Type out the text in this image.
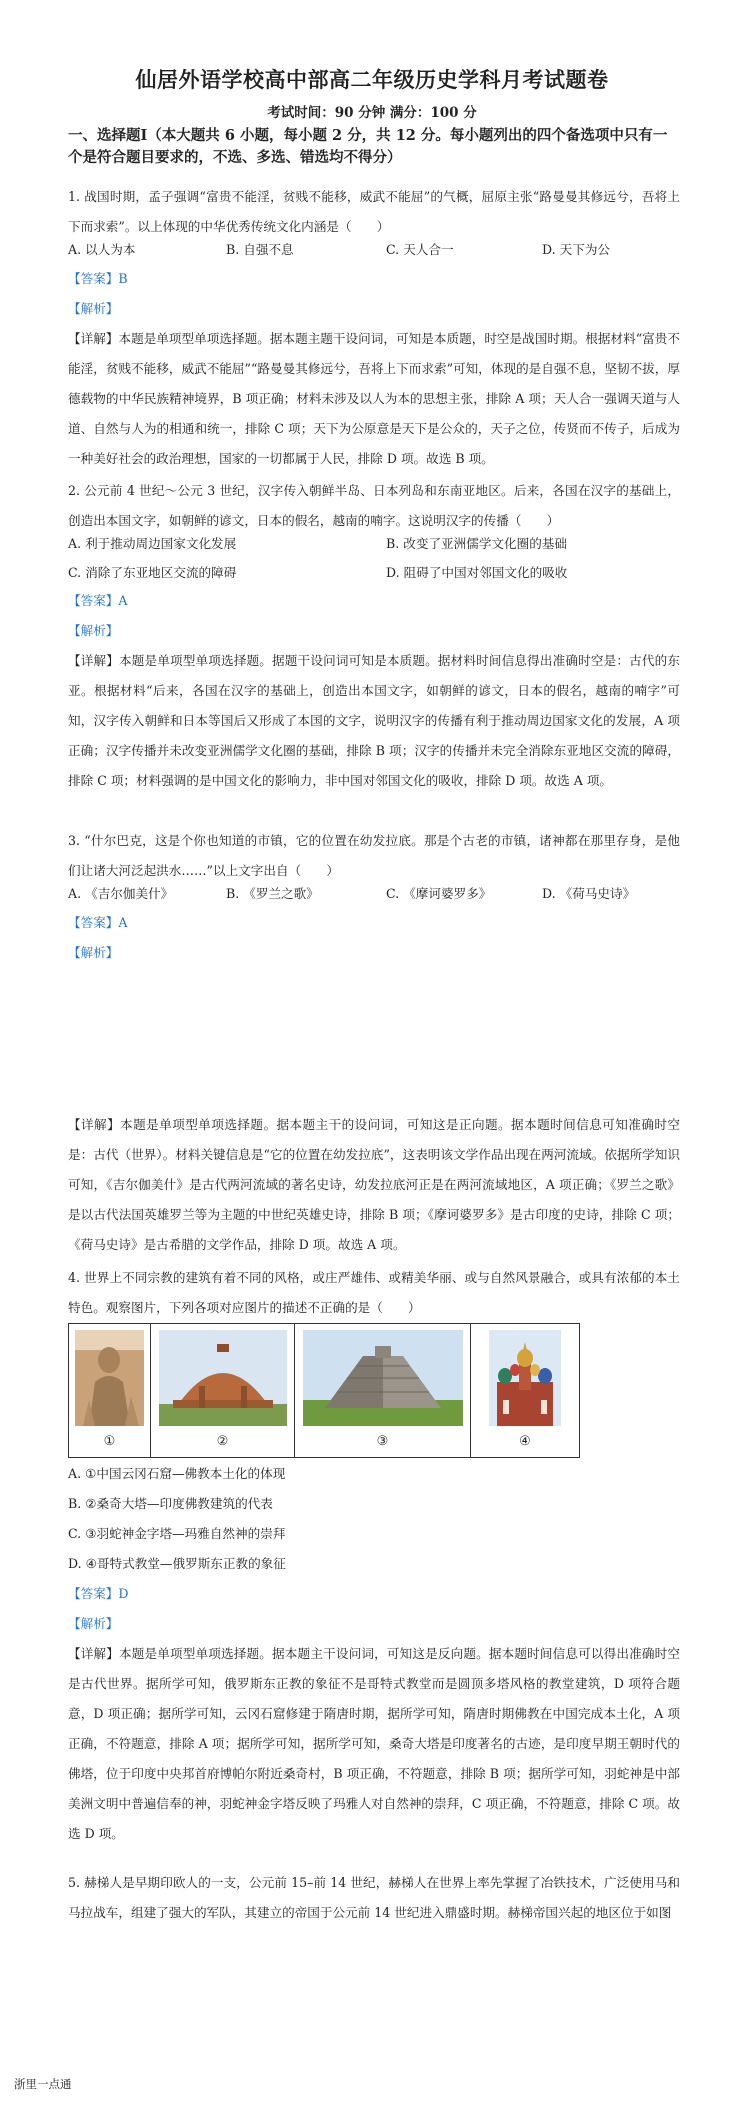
仙居外语学校高中部高二年级历史学科月考试题卷
考试时间：90 分钟 满分：100 分
一、选择题Ⅰ（本大题共 6 小题，每小题 2 分，共 12 分。每小题列出的四个备选项中只有一个是符合题目要求的，不选、多选、错选均不得分）
1. 战国时期，孟子强调“富贵不能淫，贫贱不能移，威武不能屈”的气概，屈原主张“路曼曼其修远兮，吾将上下而求索”。以上体现的中华优秀传统文化内涵是（　　）
A. 以人为本	B. 自强不息	C. 天人合一	D. 天下为公
【答案】B
【解析】
【详解】本题是单项型单项选择题。据本题主题干设问词，可知是本质题，时空是战国时期。根据材料“富贵不能淫，贫贱不能移，威武不能屈”“路曼曼其修远兮，吾将上下而求索”可知，体现的是自强不息，坚韧不拔，厚德载物的中华民族精神境界，B 项正确；材料未涉及以人为本的思想主张，排除 A 项；天人合一强调天道与人道、自然与人为的相通和统一，排除 C 项；天下为公原意是天下是公众的，天子之位，传贤而不传子，后成为一种美好社会的政治理想，国家的一切都属于人民，排除 D 项。故选 B 项。
2. 公元前 4 世纪～公元 3 世纪，汉字传入朝鲜半岛、日本列岛和东南亚地区。后来，各国在汉字的基础上，创造出本国文字，如朝鲜的谚文，日本的假名，越南的喃字。这说明汉字的传播（　　）
A. 利于推动周边国家文化发展	B. 改变了亚洲儒学文化圈的基础
C. 消除了东亚地区交流的障碍	D. 阻碍了中国对邻国文化的吸收
【答案】A
【解析】
【详解】本题是单项型单项选择题。据题干设问词可知是本质题。据材料时间信息得出准确时空是：古代的东亚。根据材料“后来，各国在汉字的基础上，创造出本国文字，如朝鲜的谚文，日本的假名，越南的喃字”可知，汉字传入朝鲜和日本等国后又形成了本国的文字，说明汉字的传播有利于推动周边国家文化的发展，A 项正确；汉字传播并未改变亚洲儒学文化圈的基础，排除 B 项；汉字的传播并未完全消除东亚地区交流的障碍，排除 C 项；材料强调的是中国文化的影响力，非中国对邻国文化的吸收，排除 D 项。故选 A 项。
3. “什尔巴克，这是个你也知道的市镇，它的位置在幼发拉底。那是个古老的市镇，诸神都在那里存身，是他们让诸大河泛起洪水……”以上文字出自（　　）
A. 《吉尔伽美什》	B. 《罗兰之歌》	C. 《摩诃婆罗多》	D. 《荷马史诗》
【答案】A
【解析】
【详解】本题是单项型单项选择题。据本题主干的设问词，可知这是正向题。据本题时间信息可知准确时空是：古代（世界）。材料关键信息是“它的位置在幼发拉底”，这表明该文学作品出现在两河流域。依据所学知识可知，《吉尔伽美什》是古代两河流域的著名史诗，幼发拉底河正是在两河流域地区，A 项正确；《罗兰之歌》是以古代法国英雄罗兰等为主题的中世纪英雄史诗，排除 B 项；《摩诃婆罗多》是古印度的史诗，排除 C 项；《荷马史诗》是古希腊的文学作品，排除 D 项。故选 A 项。
4. 世界上不同宗教的建筑有着不同的风格，或庄严雄伟、或精美华丽、或与自然风景融合，或具有浓郁的本土特色。观察图片，下列各项对应图片的描述不正确的是（　　）
①	②	③	④
A. ①中国云冈石窟—佛教本土化的体现
B. ②桑奇大塔—印度佛教建筑的代表
C. ③羽蛇神金字塔—玛雅自然神的崇拜
D. ④哥特式教堂—俄罗斯东正教的象征
【答案】D
【解析】
【详解】本题是单项型单项选择题。据本题主干设问词，可知这是反向题。据本题时间信息可以得出准确时空是古代世界。据所学可知，俄罗斯东正教的象征不是哥特式教堂而是圆顶多塔风格的教堂建筑，D 项符合题意，D 项正确；据所学可知，云冈石窟修建于隋唐时期，据所学可知，隋唐时期佛教在中国完成本土化，A 项正确，不符题意，排除 A 项；据所学可知，据所学可知，桑奇大塔是印度著名的古迹，是印度早期王朝时代的佛塔，位于印度中央邦首府博帕尔附近桑奇村，B 项正确，不符题意，排除 B 项；据所学可知，羽蛇神是中部美洲文明中普遍信奉的神，羽蛇神金字塔反映了玛雅人对自然神的崇拜，C 项正确，不符题意，排除 C 项。故选 D 项。
5. 赫梯人是早期印欧人的一支，公元前 15–前 14 世纪，赫梯人在世界上率先掌握了冶铁技术，广泛使用马和马拉战车，组建了强大的军队，其建立的帝国于公元前 14 世纪进入鼎盛时期。赫梯帝国兴起的地区位于如图
浙里一点通
